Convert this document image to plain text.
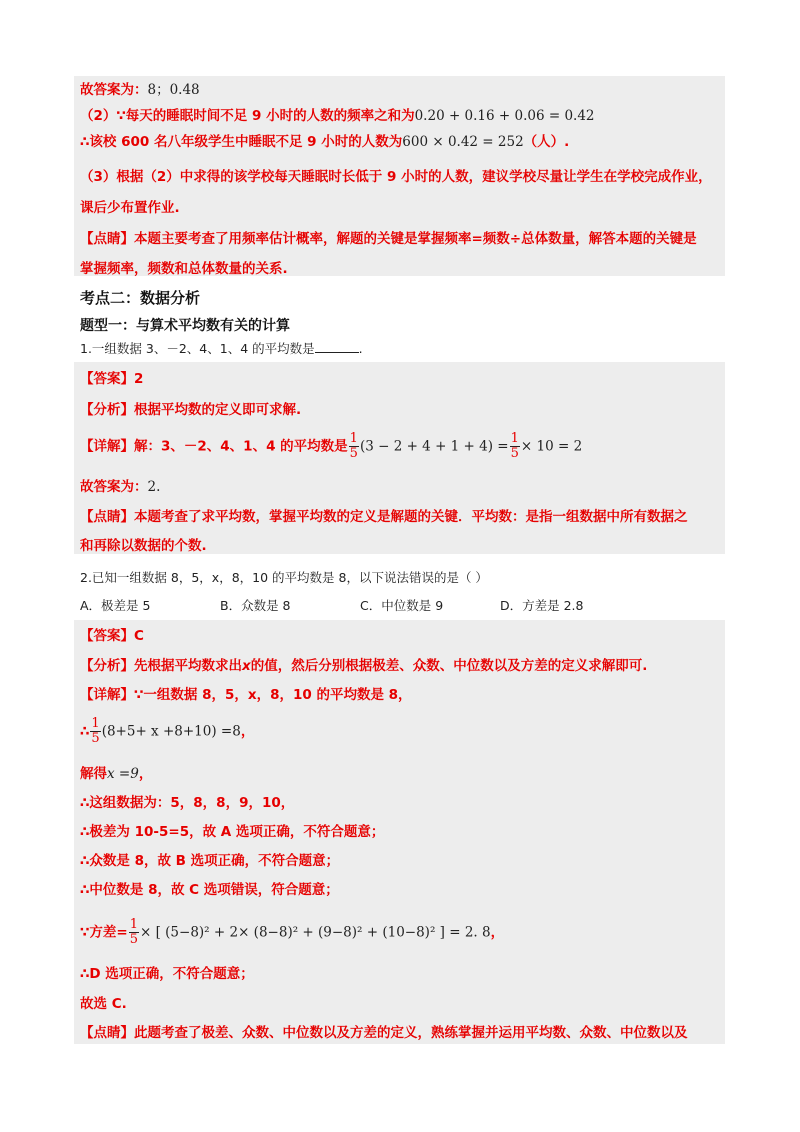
故答案为：8；0.48
（2）∵每天的睡眠时间不足 9 小时的人数的频率之和为0.20 + 0.16 + 0.06 = 0.42
∴该校 600 名八年级学生中睡眠不足 9 小时的人数为600 × 0.42 = 252（人）.
（3）根据（2）中求得的该学校每天睡眠时长低于 9 小时的人数，建议学校尽量让学生在学校完成作业，
课后少布置作业.
【点睛】本题主要考查了用频率估计概率，解题的关键是掌握频率=频数÷总体数量，解答本题的关键是
掌握频率，频数和总体数量的关系.
考点二：数据分析
题型一：与算术平均数有关的计算
1.一组数据 3、－2、4、1、4 的平均数是	.
【答案】2
【分析】根据平均数的定义即可求解.
【详解】解：3、－2、4、1、4 的平均数是 $\frac{1}{5} (3 - 2 + 4 + 1 + 4) = \frac{1}{5} \times 10 = 2$
故答案为：2.
【点睛】本题考查了求平均数，掌握平均数的定义是解题的关键．平均数：是指一组数据中所有数据之
和再除以数据的个数.
2.已知一组数据 8，5，x，8，10 的平均数是 8，以下说法错误的是（ ）
A．极差是 5	B．众数是 8	C．中位数是 9	D．方差是 2.8
【答案】C
【分析】先根据平均数求出x的值，然后分别根据极差、众数、中位数以及方差的定义求解即可.
【详解】∵一组数据 8，5，x，8，10 的平均数是 8，
∴ $\frac{1}{5} (8+5+ x +8+10) =8$，
解得x =9，
∴这组数据为：5，8，8，9，10，
∴极差为 10-5=5，故 A 选项正确，不符合题意；
∴众数是 8，故 B 选项正确，不符合题意；
∴中位数是 8，故 C 选项错误，符合题意；
∵方差= $\frac{1}{5}$ × [ (5−8)² + 2× (8−8)² + (9−8)² + (10−8)² ] = 2. 8，
∴D 选项正确，不符合题意；
故选 C.
【点睛】此题考查了极差、众数、中位数以及方差的定义，熟练掌握并运用平均数、众数、中位数以及
